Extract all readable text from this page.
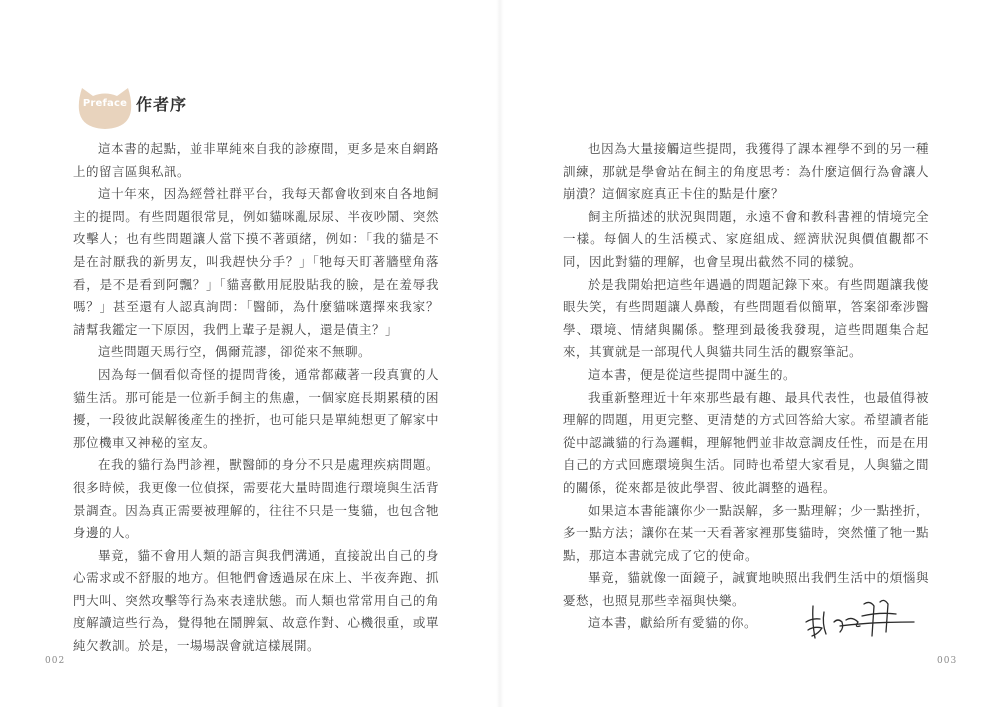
Preface 作者序

這本書的起點，並非單純來自我的診療間，更多是來自網路上的留言區與私訊。

這十年來，因為經營社群平台，我每天都會收到來自各地飼主的提問。有些問題很常見，例如貓咪亂尿尿、半夜吵鬧、突然攻擊人；也有些問題讓人當下摸不著頭緒，例如：「我的貓是不是在討厭我的新男友，叫我趕快分手？」「牠每天盯著牆壁角落看，是不是看到阿飄？」「貓喜歡用屁股貼我的臉，是在羞辱我嗎？」甚至還有人認真詢問：「醫師，為什麼貓咪選擇來我家？請幫我鑑定一下原因，我們上輩子是親人，還是債主？」

這些問題天馬行空，偶爾荒謬，卻從來不無聊。

因為每一個看似奇怪的提問背後，通常都藏著一段真實的人貓生活。那可能是一位新手飼主的焦慮，一個家庭長期累積的困擾，一段彼此誤解後產生的挫折，也可能只是單純想更了解家中那位機車又神秘的室友。

在我的貓行為門診裡，獸醫師的身分不只是處理疾病問題。很多時候，我更像一位偵探，需要花大量時間進行環境與生活背景調查。因為真正需要被理解的，往往不只是一隻貓，也包含牠身邊的人。

畢竟，貓不會用人類的語言與我們溝通，直接說出自己的身心需求或不舒服的地方。但牠們會透過尿在床上、半夜奔跑、抓門大叫、突然攻擊等行為來表達狀態。而人類也常常用自己的角度解讀這些行為，覺得牠在鬧脾氣、故意作對、心機很重，或單純欠教訓。於是，一場場誤會就這樣展開。

也因為大量接觸這些提問，我獲得了課本裡學不到的另一種訓練，那就是學會站在飼主的角度思考：為什麼這個行為會讓人崩潰？這個家庭真正卡住的點是什麼？

飼主所描述的狀況與問題，永遠不會和教科書裡的情境完全一樣。每個人的生活模式、家庭組成、經濟狀況與價值觀都不同，因此對貓的理解，也會呈現出截然不同的樣貌。

於是我開始把這些年遇過的問題記錄下來。有些問題讓我傻眼失笑，有些問題讓人鼻酸，有些問題看似簡單，答案卻牽涉醫學、環境、情緒與關係。整理到最後我發現，這些問題集合起來，其實就是一部現代人與貓共同生活的觀察筆記。

這本書，便是從這些提問中誕生的。

我重新整理近十年來那些最有趣、最具代表性，也最值得被理解的問題，用更完整、更清楚的方式回答給大家。希望讀者能從中認識貓的行為邏輯，理解牠們並非故意調皮任性，而是在用自己的方式回應環境與生活。同時也希望大家看見，人與貓之間的關係，從來都是彼此學習、彼此調整的過程。

如果這本書能讓你少一點誤解，多一點理解；少一點挫折，多一點方法；讓你在某一天看著家裡那隻貓時，突然懂了牠一點點，那這本書就完成了它的使命。

畢竟，貓就像一面鏡子，誠實地映照出我們生活中的煩惱與憂愁，也照見那些幸福與快樂。

這本書，獻給所有愛貓的你。

002	003
